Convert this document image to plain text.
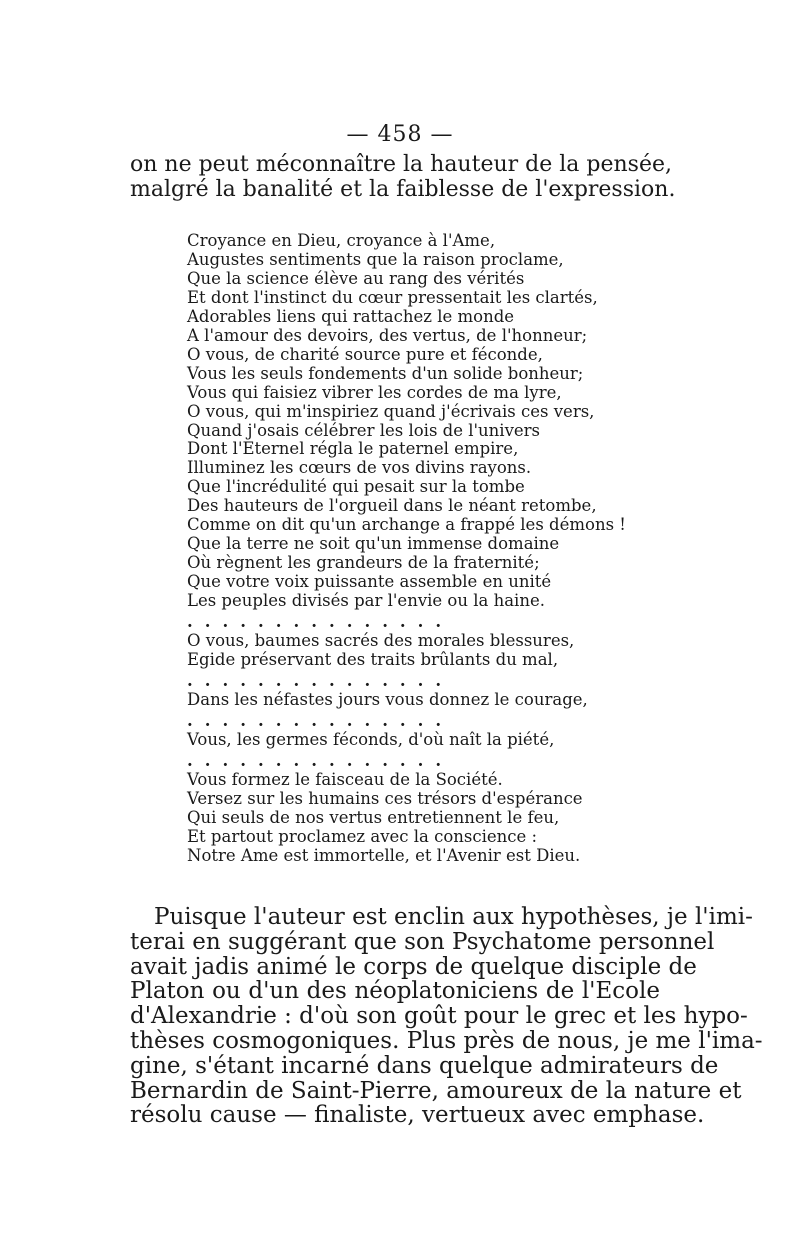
— 458 —
on ne peut méconnaître la hauteur de la pensée,
malgré la banalité et la faiblesse de l'expression.
Croyance en Dieu, croyance à l'Ame,
Augustes sentiments que la raison proclame,
Que la science élève au rang des vérités
Et dont l'instinct du cœur pressentait les clartés,
Adorables liens qui rattachez le monde
A l'amour des devoirs, des vertus, de l'honneur;
O vous, de charité source pure et féconde,
Vous les seuls fondements d'un solide bonheur;
Vous qui faisiez vibrer les cordes de ma lyre,
O vous, qui m'inspiriez quand j'écrivais ces vers,
Quand j'osais célébrer les lois de l'univers
Dont l'Eternel régla le paternel empire,
Illuminez les cœurs de vos divins rayons.
Que l'incrédulité qui pesait sur la tombe
Des hauteurs de l'orgueil dans le néant retombe,
Comme on dit qu'un archange a frappé les démons !
Que la terre ne soit qu'un immense domaine
Où règnent les grandeurs de la fraternité;
Que votre voix puissante assemble en unité
Les peuples divisés par l'envie ou la haine.
...............
O vous, baumes sacrés des morales blessures,
Egide préservant des traits brûlants du mal,
...............
Dans les néfastes jours vous donnez le courage,
...............
Vous, les germes féconds, d'où naît la piété,
...............
Vous formez le faisceau de la Société.
Versez sur les humains ces trésors d'espérance
Qui seuls de nos vertus entretiennent le feu,
Et partout proclamez avec la conscience :
Notre Ame est immortelle, et l'Avenir est Dieu.
Puisque l'auteur est enclin aux hypothèses, je l'imi-
terai en suggérant que son Psychatome personnel
avait jadis animé le corps de quelque disciple de
Platon ou d'un des néoplatoniciens de l'Ecole
d'Alexandrie : d'où son goût pour le grec et les hypo-
thèses cosmogoniques. Plus près de nous, je me l'ima-
gine, s'étant incarné dans quelque admirateurs de
Bernardin de Saint-Pierre, amoureux de la nature et
résolu cause — finaliste, vertueux avec emphase.
